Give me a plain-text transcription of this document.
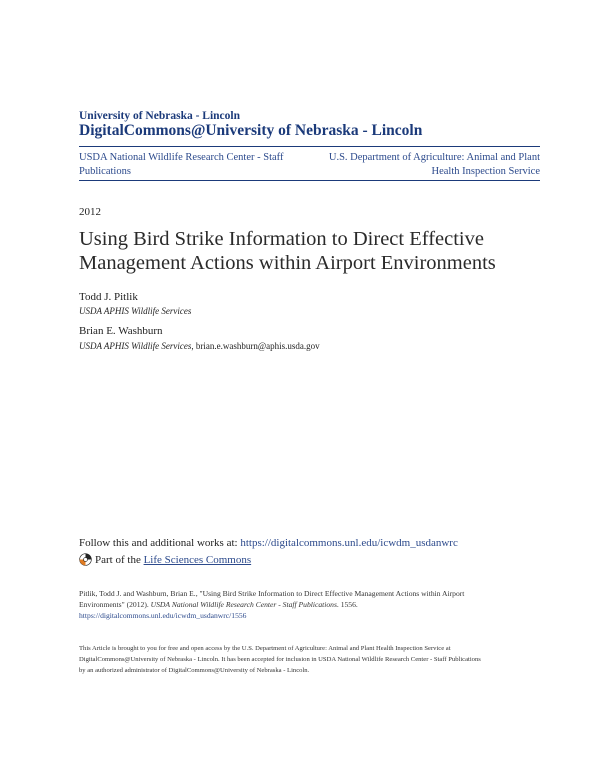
University of Nebraska - Lincoln
DigitalCommons@University of Nebraska - Lincoln
USDA National Wildlife Research Center - Staff
Publications
U.S. Department of Agriculture: Animal and Plant
Health Inspection Service
2012
Using Bird Strike Information to Direct Effective
Management Actions within Airport Environments
Todd J. Pitlik
USDA APHIS Wildlife Services
Brian E. Washburn
USDA APHIS Wildlife Services, brian.e.washburn@aphis.usda.gov
Follow this and additional works at: https://digitalcommons.unl.edu/icwdm_usdanwrc
Part of the
Life Sciences Commons
Pitlik, Todd J. and Washburn, Brian E., "Using Bird Strike Information to Direct Effective Management Actions within Airport
Environments" (2012). USDA National Wildlife Research Center - Staff Publications. 1556.
https://digitalcommons.unl.edu/icwdm_usdanwrc/1556
This Article is brought to you for free and open access by the U.S. Department of Agriculture: Animal and Plant Health Inspection Service at
DigitalCommons@University of Nebraska - Lincoln. It has been accepted for inclusion in USDA National Wildlife Research Center - Staff Publications
by an authorized administrator of DigitalCommons@University of Nebraska - Lincoln.
